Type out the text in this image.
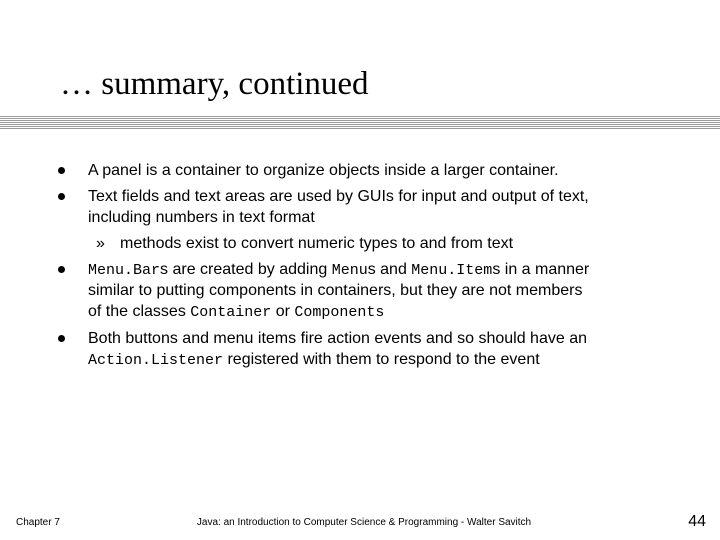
… summary, continued
A panel is a container to organize objects inside a larger container.
Text fields and text areas are used by GUIs for input and output of text,
including numbers in text format
» methods exist to convert numeric types to and from text
Menu.Bars are created by adding Menus and Menu.Items in a manner
similar to putting components in containers, but they are not members
of the classes Container or Components
Both buttons and menu items fire action events and so should have an
Action.Listener registered with them to respond to the event
Chapter 7	Java: an Introduction to Computer Science & Programming - Walter Savitch	44
